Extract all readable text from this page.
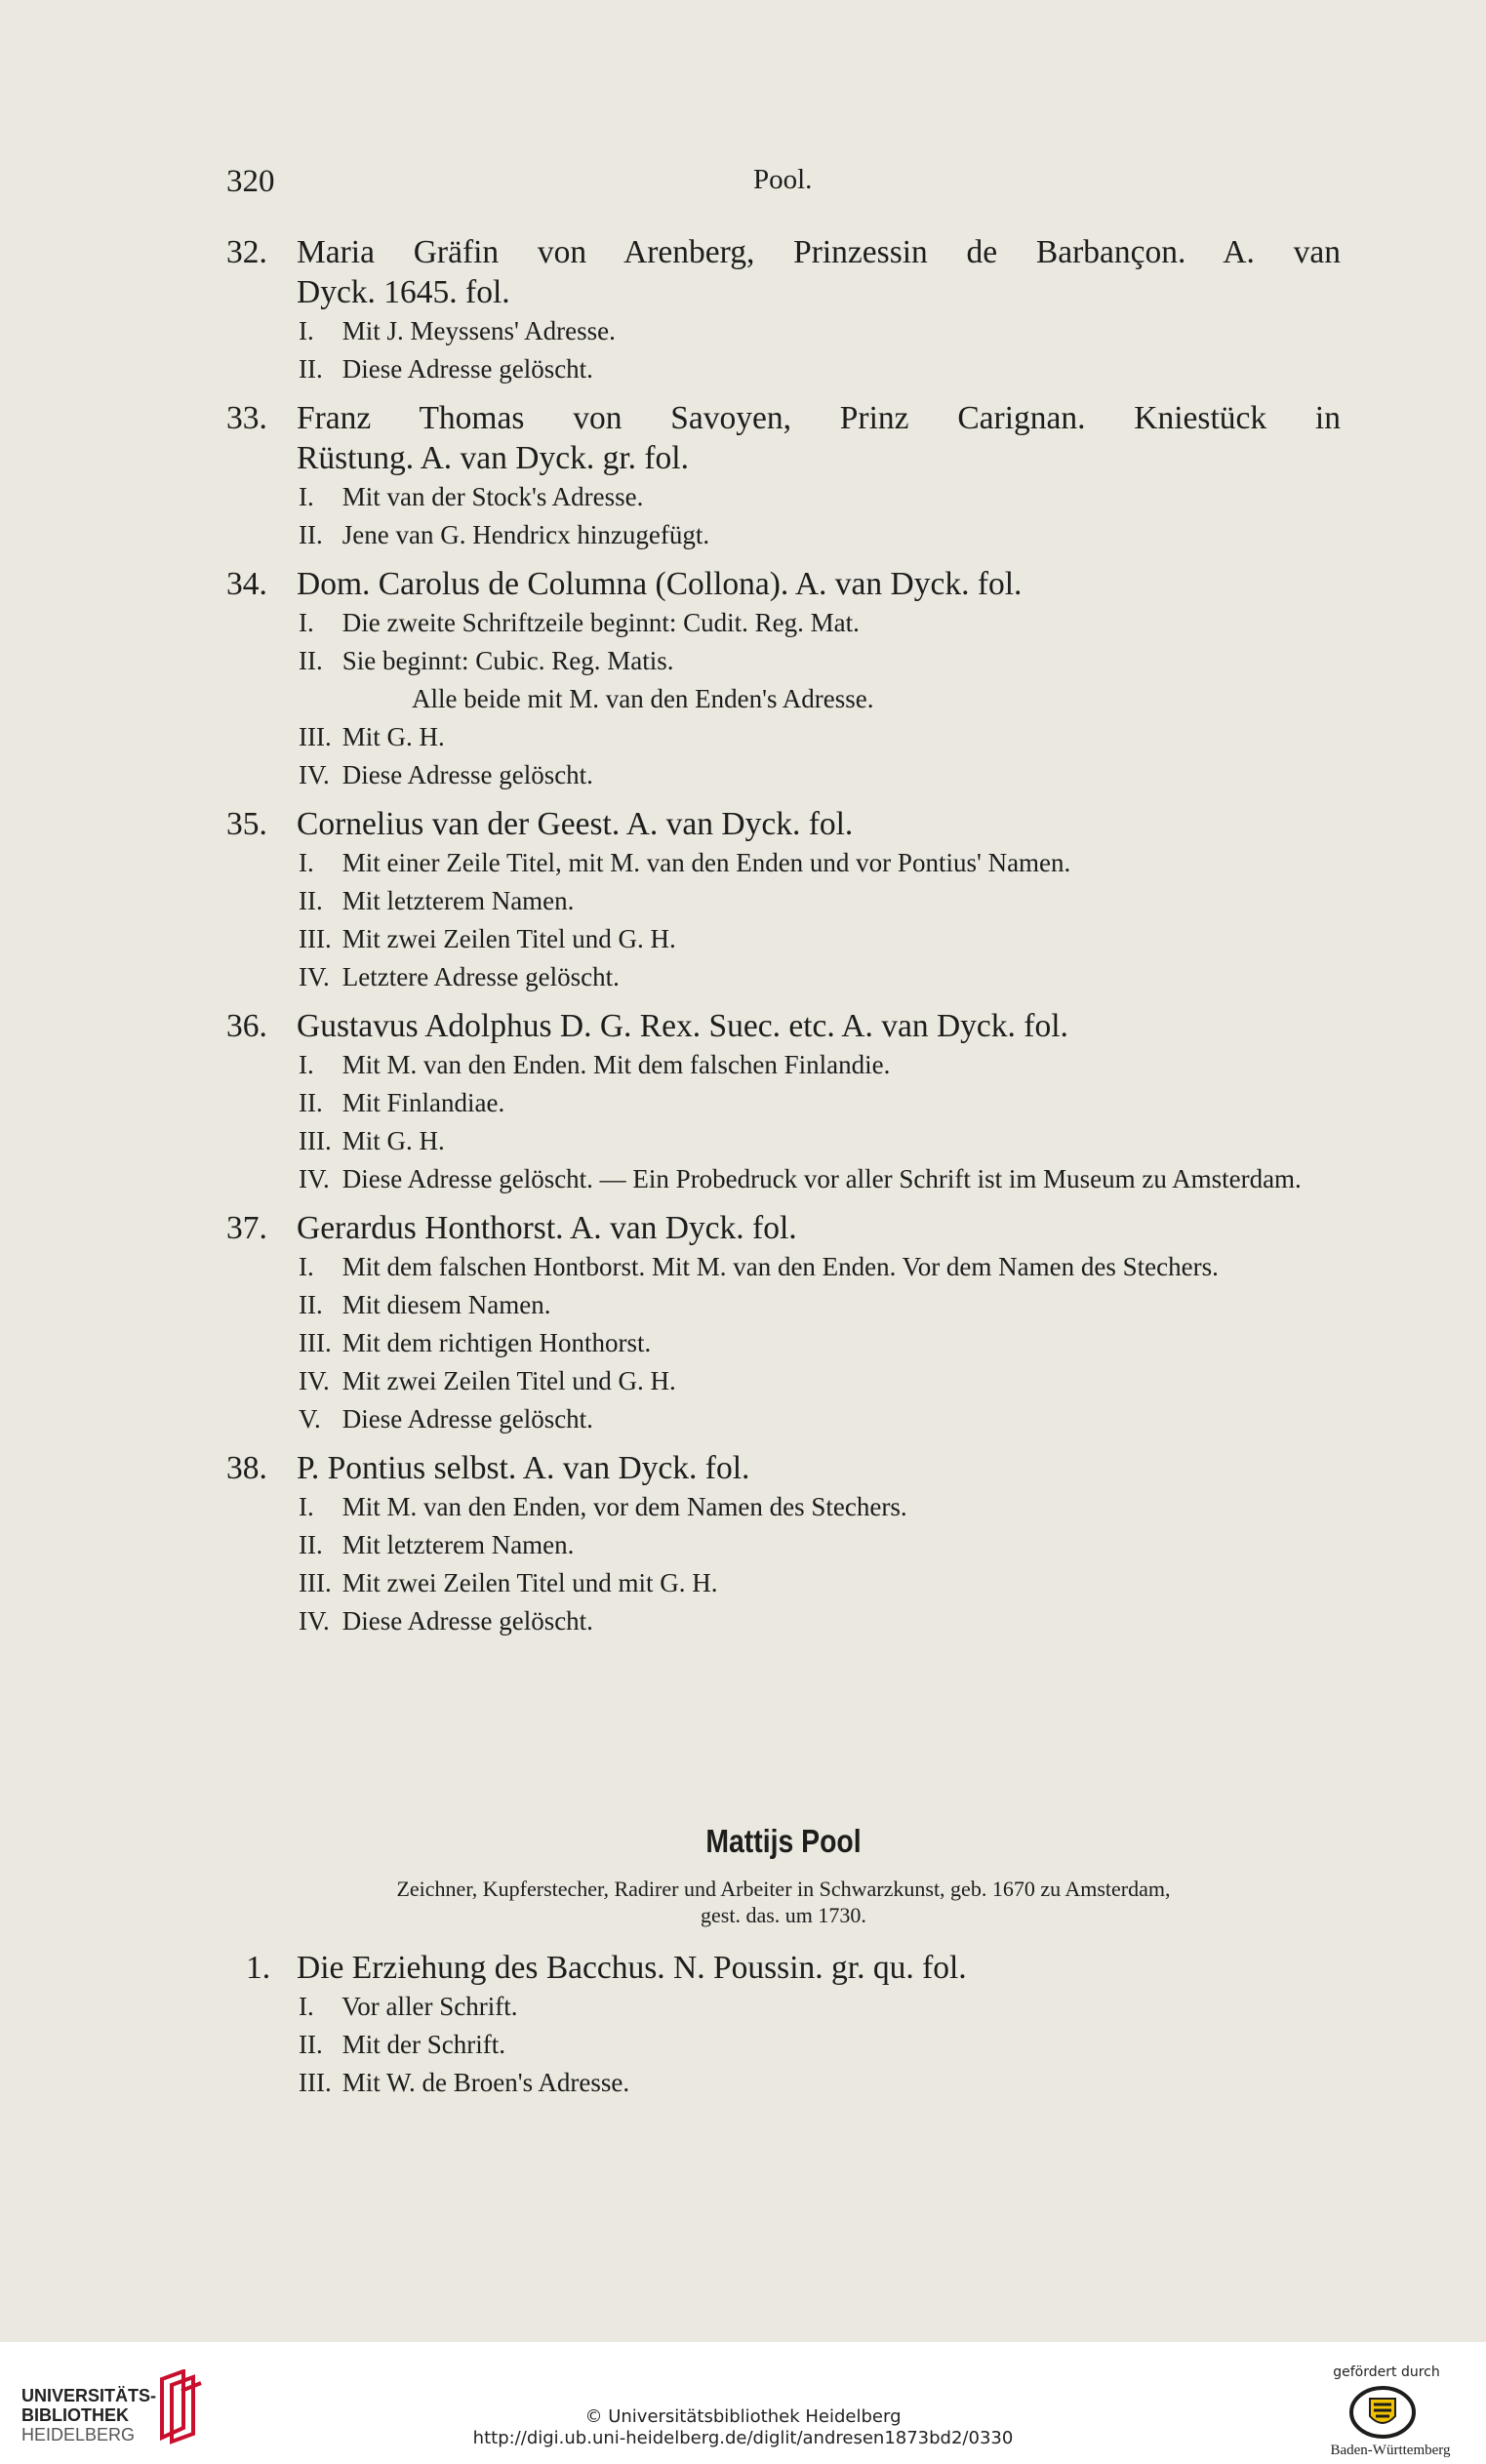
320	Pool.
32. Maria Gräfin von Arenberg, Prinzessin de Barbançon. A. van
Dyck. 1645. fol.
I. Mit J. Meyssens' Adresse.
II. Diese Adresse gelöscht.
33. Franz Thomas von Savoyen, Prinz Carignan. Kniestück in
Rüstung. A. van Dyck. gr. fol.
I. Mit van der Stock's Adresse.
II. Jene van G. Hendricx hinzugefügt.
34. Dom. Carolus de Columna (Collona). A. van Dyck. fol.
I. Die zweite Schriftzeile beginnt: Cudit. Reg. Mat.
II. Sie beginnt: Cubic. Reg. Matis.
Alle beide mit M. van den Enden's Adresse.
III. Mit G. H.
IV. Diese Adresse gelöscht.
35. Cornelius van der Geest. A. van Dyck. fol.
I. Mit einer Zeile Titel, mit M. van den Enden und vor Pontius' Namen.
II. Mit letzterem Namen.
III. Mit zwei Zeilen Titel und G. H.
IV. Letztere Adresse gelöscht.
36. Gustavus Adolphus D. G. Rex. Suec. etc. A. van Dyck. fol.
I. Mit M. van den Enden. Mit dem falschen Finlandie.
II. Mit Finlandiae.
III. Mit G. H.
IV. Diese Adresse gelöscht. — Ein Probedruck vor aller Schrift ist im Museum zu Amsterdam.
37. Gerardus Honthorst. A. van Dyck. fol.
I. Mit dem falschen Hontborst. Mit M. van den Enden. Vor dem Namen des Stechers.
II. Mit diesem Namen.
III. Mit dem richtigen Honthorst.
IV. Mit zwei Zeilen Titel und G. H.
V. Diese Adresse gelöscht.
38. P. Pontius selbst. A. van Dyck. fol.
I. Mit M. van den Enden, vor dem Namen des Stechers.
II. Mit letzterem Namen.
III. Mit zwei Zeilen Titel und mit G. H.
IV. Diese Adresse gelöscht.
Mattijs Pool
Zeichner, Kupferstecher, Radirer und Arbeiter in Schwarzkunst, geb. 1670 zu Amsterdam,
gest. das. um 1730.
1. Die Erziehung des Bacchus. N. Poussin. gr. qu. fol.
I. Vor aller Schrift.
II. Mit der Schrift.
III. Mit W. de Broen's Adresse.
UNIVERSITÄTS-
BIBLIOTHEK
HEIDELBERG
© Universitätsbibliothek Heidelberg
http://digi.ub.uni-heidelberg.de/diglit/andresen1873bd2/0330
gefördert durch
Baden-Württemberg
